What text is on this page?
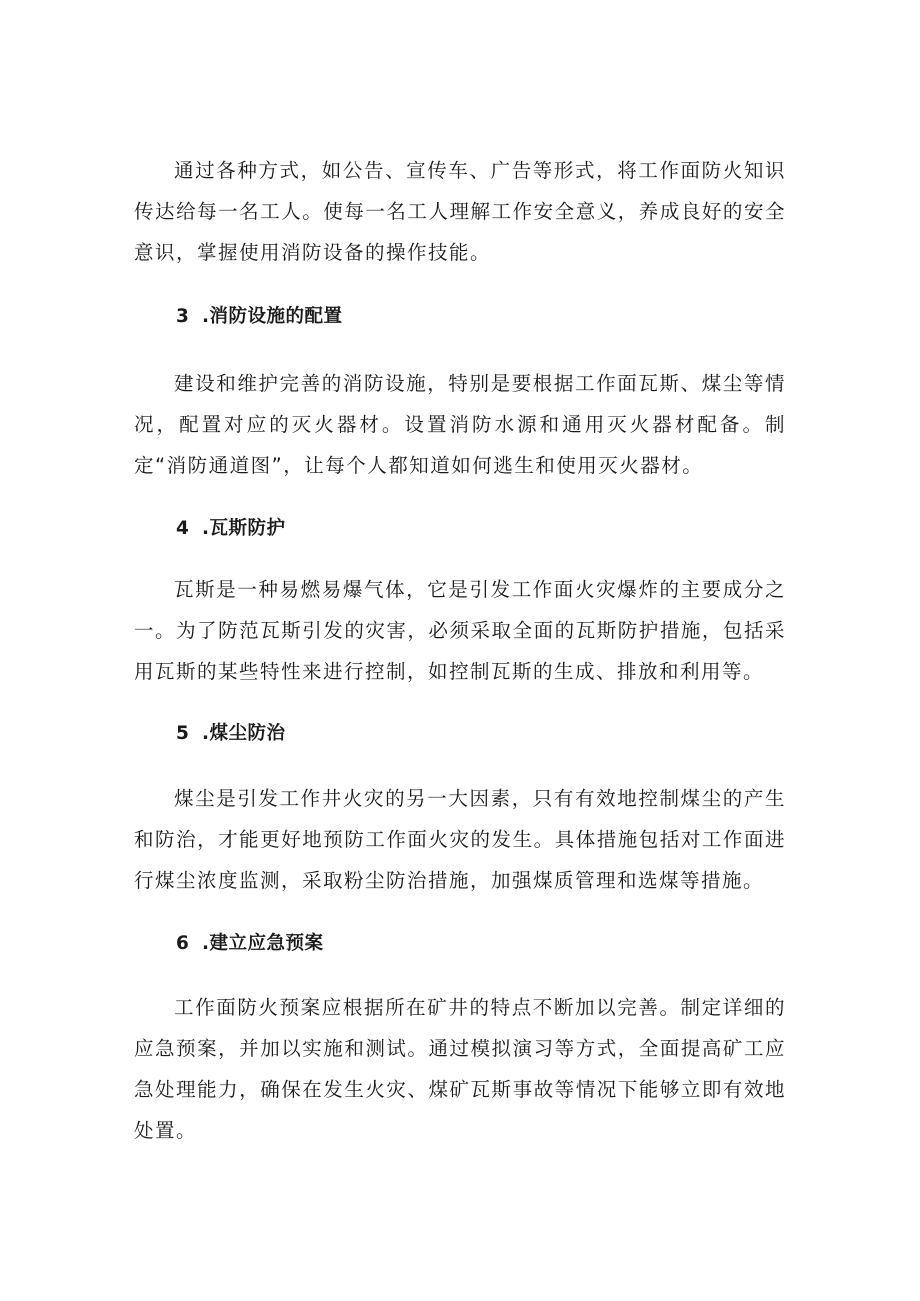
通过各种方式，如公告、宣传车、广告等形式，将工作面防火知识传达给每一名工人。使每一名工人理解工作安全意义，养成良好的安全意识，掌握使用消防设备的操作技能。

3 .消防设施的配置

建设和维护完善的消防设施，特别是要根据工作面瓦斯、煤尘等情况，配置对应的灭火器材。设置消防水源和通用灭火器材配备。制定“消防通道图”，让每个人都知道如何逃生和使用灭火器材。

4 .瓦斯防护

瓦斯是一种易燃易爆气体，它是引发工作面火灾爆炸的主要成分之一。为了防范瓦斯引发的灾害，必须采取全面的瓦斯防护措施，包括采用瓦斯的某些特性来进行控制，如控制瓦斯的生成、排放和利用等。

5 .煤尘防治

煤尘是引发工作井火灾的另一大因素，只有有效地控制煤尘的产生和防治，才能更好地预防工作面火灾的发生。具体措施包括对工作面进行煤尘浓度监测，采取粉尘防治措施，加强煤质管理和选煤等措施。

6 .建立应急预案

工作面防火预案应根据所在矿井的特点不断加以完善。制定详细的应急预案，并加以实施和测试。通过模拟演习等方式，全面提高矿工应急处理能力，确保在发生火灾、煤矿瓦斯事故等情况下能够立即有效地处置。
